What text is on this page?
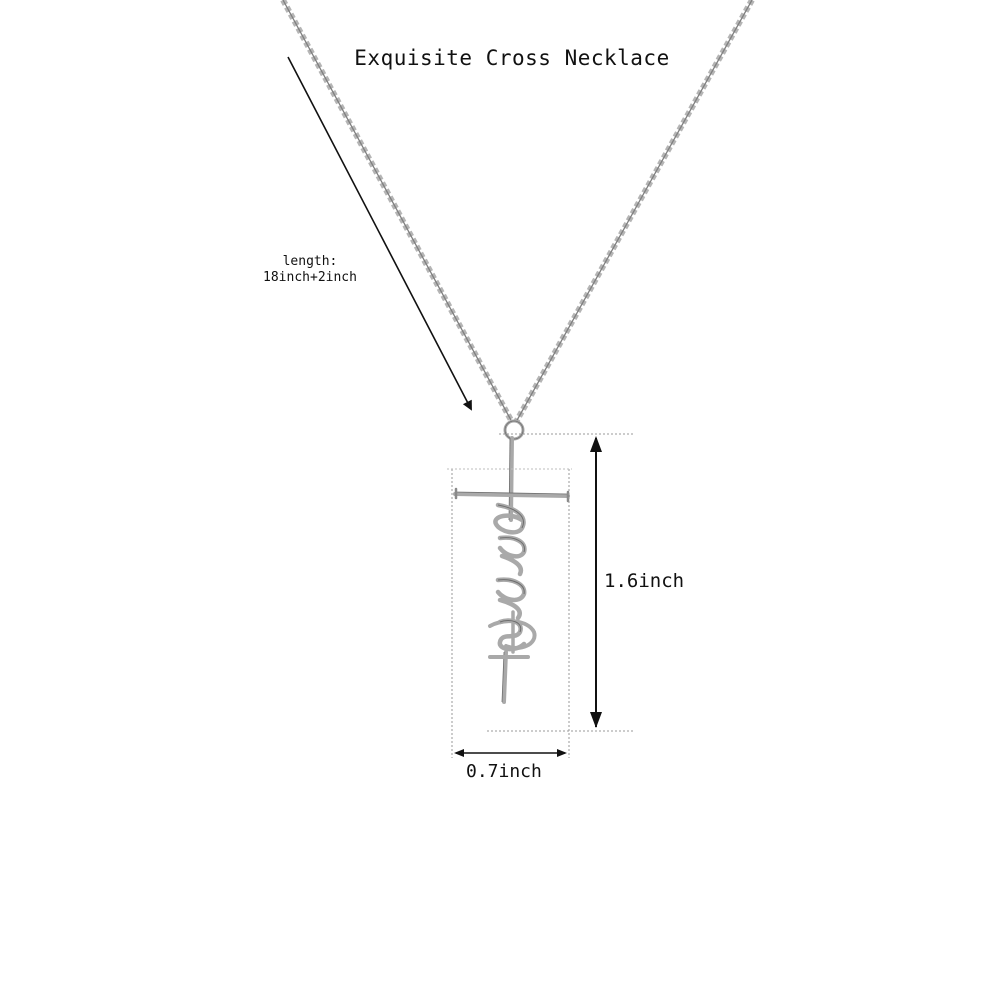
Exquisite Cross Necklace
length:
18inch+2inch
1.6inch
0.7inch
